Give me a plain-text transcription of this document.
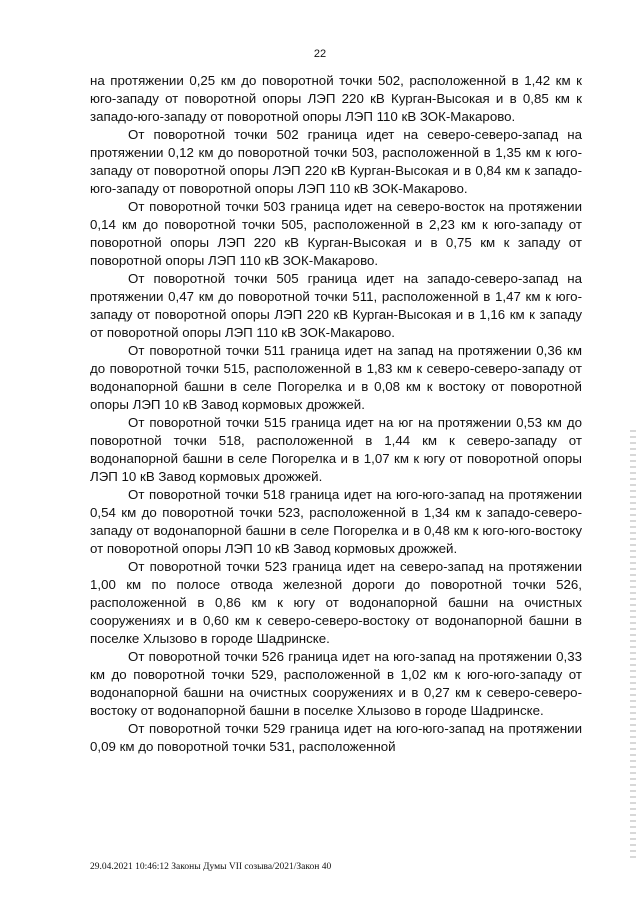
22

на протяжении 0,25 км до поворотной точки 502, расположенной в 1,42 км к юго-западу от поворотной опоры ЛЭП 220 кВ Курган-Высокая и в 0,85 км к западо-юго-западу от поворотной опоры ЛЭП 110 кВ ЗОК-Макарово.

От поворотной точки 502 граница идет на северо-северо-запад на протяжении 0,12 км до поворотной точки 503, расположенной в 1,35 км к юго-западу от поворотной опоры ЛЭП 220 кВ Курган-Высокая и в 0,84 км к западо-юго-западу от поворотной опоры ЛЭП 110 кВ ЗОК-Макарово.

От поворотной точки 503 граница идет на северо-восток на протяжении 0,14 км до поворотной точки 505, расположенной в 2,23 км к юго-западу от поворотной опоры ЛЭП 220 кВ Курган-Высокая и в 0,75 км к западу от поворотной опоры ЛЭП 110 кВ ЗОК-Макарово.

От поворотной точки 505 граница идет на западо-северо-запад на протяжении 0,47 км до поворотной точки 511, расположенной в 1,47 км к юго-западу от поворотной опоры ЛЭП 220 кВ Курган-Высокая и в 1,16 км к западу от поворотной опоры ЛЭП 110 кВ ЗОК-Макарово.

От поворотной точки 511 граница идет на запад на протяжении 0,36 км до поворотной точки 515, расположенной в 1,83 км к северо-северо-западу от водонапорной башни в селе Погорелка и в 0,08 км к востоку от поворотной опоры ЛЭП 10 кВ Завод кормовых дрожжей.

От поворотной точки 515 граница идет на юг на протяжении 0,53 км до поворотной точки 518, расположенной в 1,44 км к северо-западу от водонапорной башни в селе Погорелка и в 1,07 км к югу от поворотной опоры ЛЭП 10 кВ Завод кормовых дрожжей.

От поворотной точки 518 граница идет на юго-юго-запад на протяжении 0,54 км до поворотной точки 523, расположенной в 1,34 км к западо-северо-западу от водонапорной башни в селе Погорелка и в 0,48 км к юго-юго-востоку от поворотной опоры ЛЭП 10 кВ Завод кормовых дрожжей.

От поворотной точки 523 граница идет на северо-запад на протяжении 1,00 км по полосе отвода железной дороги до поворотной точки 526, расположенной в 0,86 км к югу от водонапорной башни на очистных сооружениях и в 0,60 км к северо-северо-востоку от водонапорной башни в поселке Хлызово в городе Шадринске.

От поворотной точки 526 граница идет на юго-запад на протяжении 0,33 км до поворотной точки 529, расположенной в 1,02 км к юго-юго-западу от водонапорной башни на очистных сооружениях и в 0,27 км к северо-северо-востоку от водонапорной башни в поселке Хлызово в городе Шадринске.

От поворотной точки 529 граница идет на юго-юго-запад на протяжении 0,09 км до поворотной точки 531, расположенной

29.04.2021 10:46:12 Законы Думы VII созыва/2021/Закон 40
